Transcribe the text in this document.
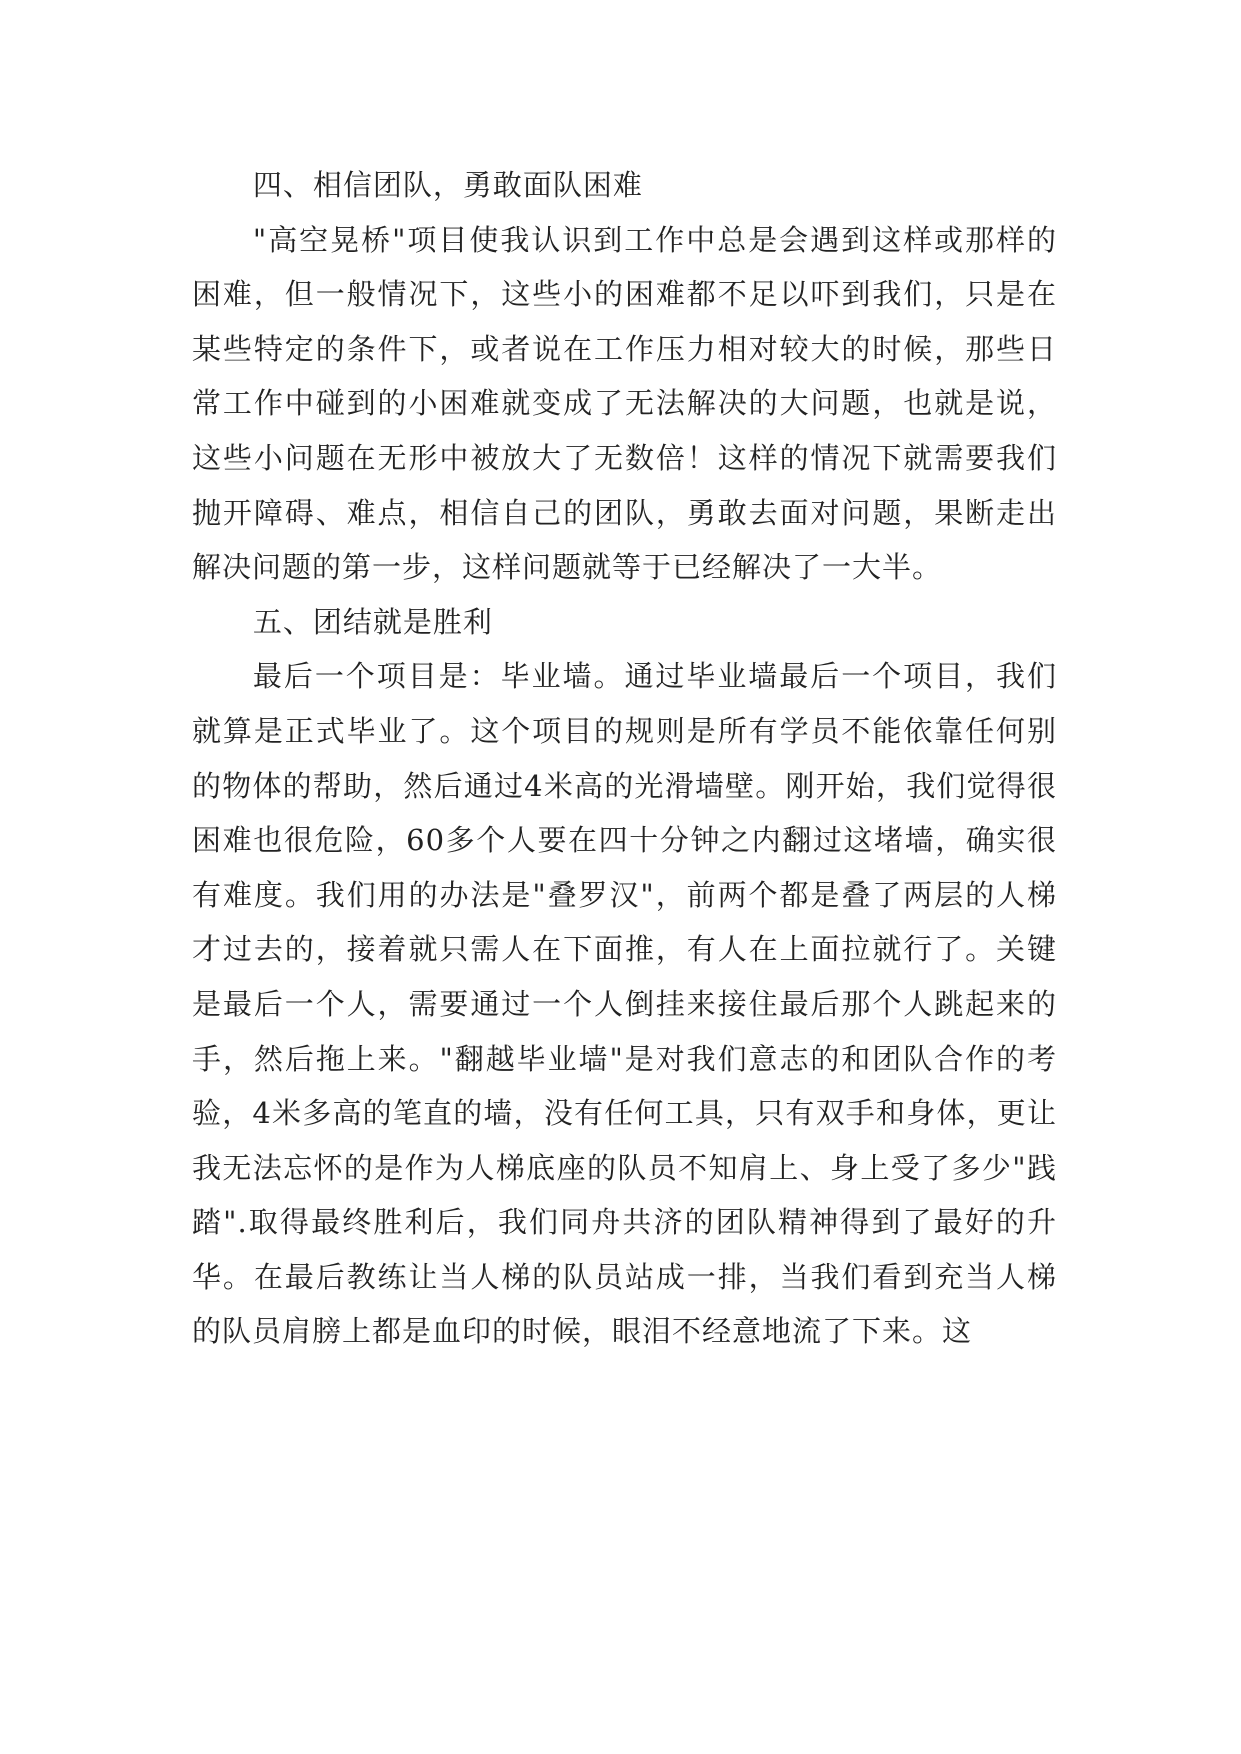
四、相信团队，勇敢面队困难

"高空晃桥"项目使我认识到工作中总是会遇到这样或那样的困难，但一般情况下，这些小的困难都不足以吓到我们，只是在某些特定的条件下，或者说在工作压力相对较大的时候，那些日常工作中碰到的小困难就变成了无法解决的大问题，也就是说，这些小问题在无形中被放大了无数倍！这样的情况下就需要我们抛开障碍、难点，相信自己的团队，勇敢去面对问题，果断走出解决问题的第一步，这样问题就等于已经解决了一大半。

五、团结就是胜利

最后一个项目是：毕业墙。通过毕业墙最后一个项目，我们就算是正式毕业了。这个项目的规则是所有学员不能依靠任何别的物体的帮助，然后通过4米高的光滑墙壁。刚开始，我们觉得很困难也很危险，60多个人要在四十分钟之内翻过这堵墙，确实很有难度。我们用的办法是"叠罗汉"，前两个都是叠了两层的人梯才过去的，接着就只需人在下面推，有人在上面拉就行了。关键是最后一个人，需要通过一个人倒挂来接住最后那个人跳起来的手，然后拖上来。"翻越毕业墙"是对我们意志的和团队合作的考验，4米多高的笔直的墙，没有任何工具，只有双手和身体，更让我无法忘怀的是作为人梯底座的队员不知肩上、身上受了多少"践踏".取得最终胜利后，我们同舟共济的团队精神得到了最好的升华。在最后教练让当人梯的队员站成一排，当我们看到充当人梯的队员肩膀上都是血印的时候，眼泪不经意地流了下来。这
